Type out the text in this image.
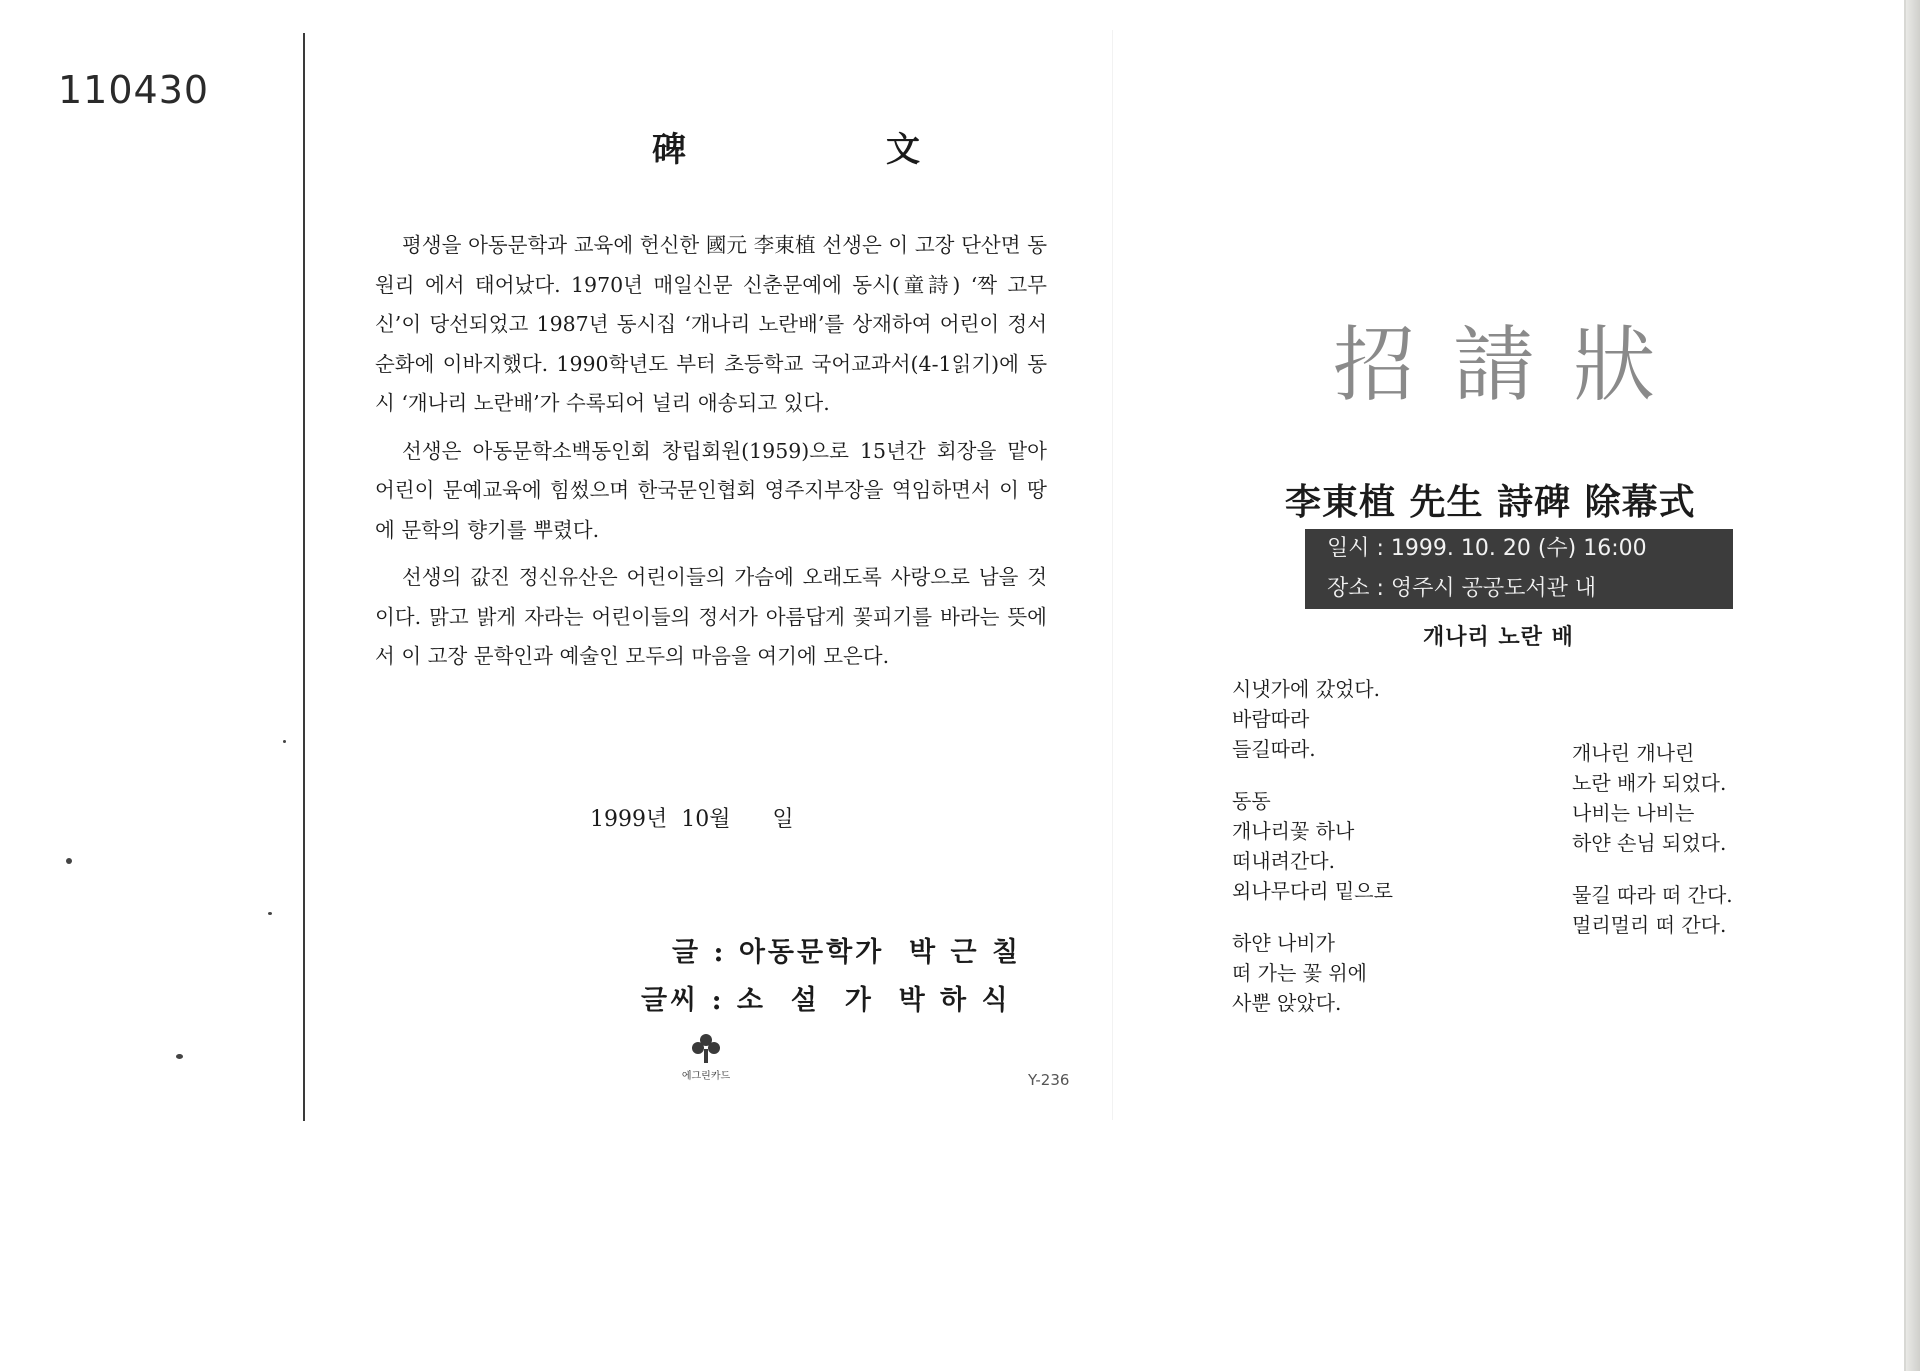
110430
碑　　文

평생을 아동문학과 교육에 헌신한 國元 李東植 선생은 이 고장 단산면 동원리 에서 태어났다. 1970년 매일신문 신춘문예에 동시(童詩) ‘짝 고무신’이 당선되었고 1987년 동시집 ‘개나리 노란배’를 상재하여 어린이 정서 순화에 이바지했다. 1990학년도 부터 초등학교 국어교과서(4-1읽기)에 동시 ‘개나리 노란배’가 수록되어 널리 애송되고 있다.

선생은 아동문학소백동인회 창립회원(1959)으로 15년간 회장을 맡아 어린이 문예교육에 힘썼으며 한국문인협회 영주지부장을 역임하면서 이 땅에 문학의 향기를 뿌렸다.

선생의 값진 정신유산은 어린이들의 가슴에 오래도록 사랑으로 남을 것이다. 맑고 밝게 자라는 어린이들의 정서가 아름답게 꽃피기를 바라는 뜻에서 이 고장 문학인과 예술인 모두의 마음을 여기에 모은다.

1999년  10월      일
글 : 아동문학가  박 근 칠
글씨 : 소  설  가  박 하 식
에그린카드	Y-236
招請狀
李東植 先生 詩碑 除幕式
일시 : 1999. 10. 20 (수) 16:00
장소 : 영주시 공공도서관 내
개나리 노란 배
시냇가에 갔었다.
바람따라
들길따라.
동동
개나리꽃 하나
떠내려간다.
외나무다리 밑으로
하얀 나비가
떠 가는 꽃 위에
사뿐 앉았다.
개나린 개나린
노란 배가 되었다.
나비는 나비는
하얀 손님 되었다.
물길 따라 떠 간다.
멀리멀리 떠 간다.
